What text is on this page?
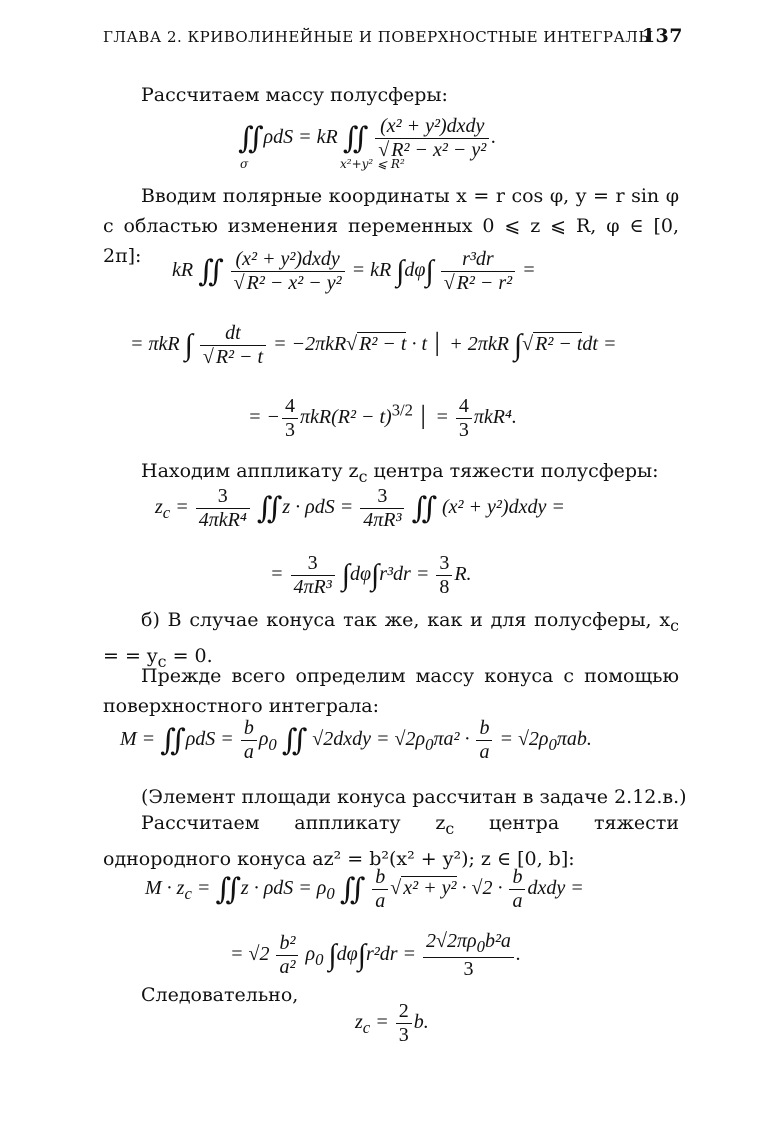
ГЛАВА 2. КРИВОЛИНЕЙНЫЕ И ПОВЕРХНОСТНЫЕ ИНТЕГРАЛЫ
137
Рассчитаем массу полусферы:
∬ρdS = kR ∬ $\frac{\text{(x² + y²)dxdy}}{\text{√ R² − x² − y²}}$ .
σ	x²+y² ⩽ R²
Вводим полярные координаты x = r cos φ, y = r sin φ с областью изменения переменных 0 ⩽ z ⩽ R, φ ∈ [0, 2π]:
kR ∬ $\frac{\text{(x² + y²)dxdy}}{\text{√ R² − x² − y²}}$ = kR $\int d\varphi\int \frac{\text{r³dr}}{\text{√ R² − r²}}$ =
= πkR ∫ $\frac{dt}{\text{√ R² − t}} = -2\pi kR√$ R² − t · t │ + 2πkR ∫√ R² − tdt =
= − $\frac{4}{3} \pi kR(R^2 - t)^{3/2}$ │ = $\frac{4}{3} \pi kR^4$.
Находим аппликату $z_c$ центра тяжести полусферы:
$z_c = \frac{3}{\text{4πkR⁴}}$ ∬z · $\rho dS = \frac{3}{\text{4πR³}}$ ∬ (x² + y²)dxdy =
= $\frac{3}{\text{4πR³}} \int d\varphi\int r^3dr = \frac{3}{8} R$.
б) В случае конуса так же, как и для полусферы, $x_c$ = = $y_c = 0$.
Прежде всего определим массу конуса с помощью поверхностного интеграла:
M = ∬ρdS = $\frac{b}{a} \rho_0$ ∬ √2dxdy = $√2\rho_0\pi a^2 \cdot \frac{b}{a} = √2\rho_0\pi ab$.
(Элемент площади конуса рассчитан в задаче 2.12.в.)
Рассчитаем аппликату $z_c$ центра тяжести однородного конуса az² = b²(x² + y²); z ∈ [0, b]:
$M \cdot z_c$ = ∬z · $\rho dS = \rho_0$ ∬ $\frac{b}{a}$ √ $x^2 + y^2 \cdot √2 \cdot \frac{b}{a}$ dxdy =
= $√2 \frac{\text{b²}}{\text{a²}} \rho_0$ $\int d\varphi\int r^2dr = \frac{2√2\pi\rho_0b^2a}{3}$ .
Следовательно,
$z_c = \frac{2}{3} b$.
